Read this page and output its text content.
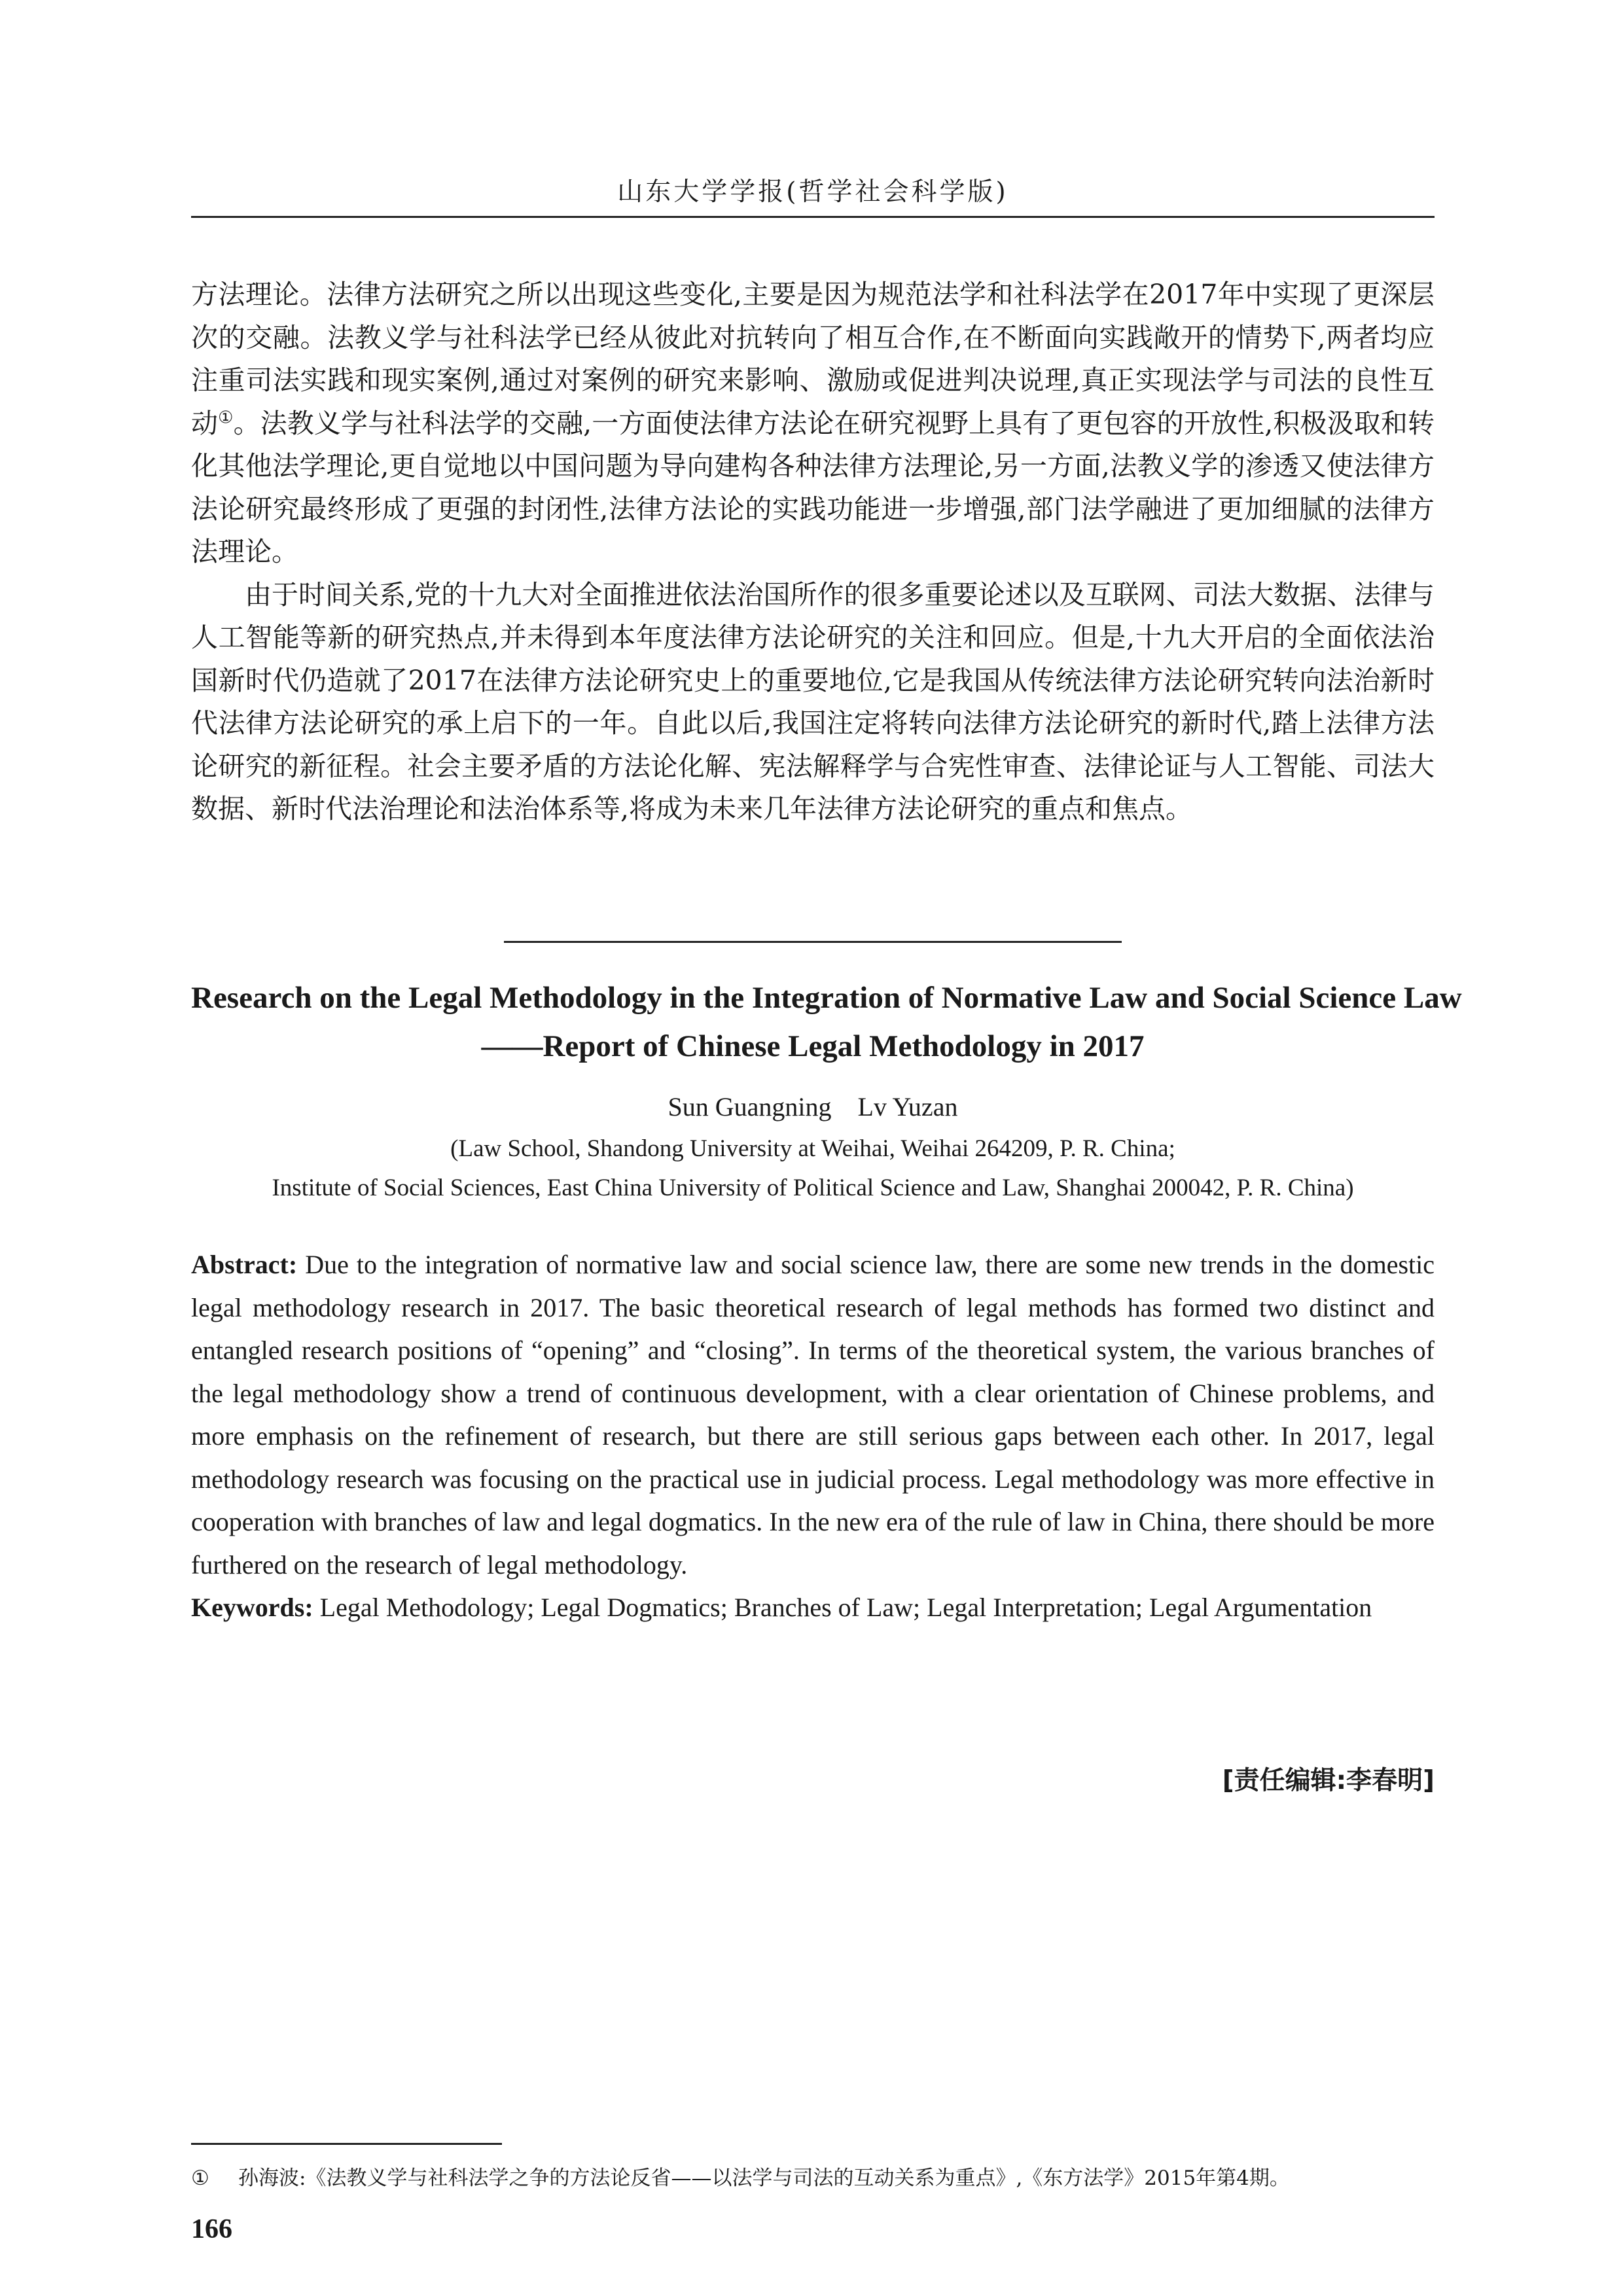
山东大学学报(哲学社会科学版)

方法理论。法律方法研究之所以出现这些变化,主要是因为规范法学和社科法学在2017年中实现了更深层次的交融。法教义学与社科法学已经从彼此对抗转向了相互合作,在不断面向实践敞开的情势下,两者均应注重司法实践和现实案例,通过对案例的研究来影响、激励或促进判决说理,真正实现法学与司法的良性互动①。法教义学与社科法学的交融,一方面使法律方法论在研究视野上具有了更包容的开放性,积极汲取和转化其他法学理论,更自觉地以中国问题为导向建构各种法律方法理论,另一方面,法教义学的渗透又使法律方法论研究最终形成了更强的封闭性,法律方法论的实践功能进一步增强,部门法学融进了更加细腻的法律方法理论。

由于时间关系,党的十九大对全面推进依法治国所作的很多重要论述以及互联网、司法大数据、法律与人工智能等新的研究热点,并未得到本年度法律方法论研究的关注和回应。但是,十九大开启的全面依法治国新时代仍造就了2017在法律方法论研究史上的重要地位,它是我国从传统法律方法论研究转向法治新时代法律方法论研究的承上启下的一年。自此以后,我国注定将转向法律方法论研究的新时代,踏上法律方法论研究的新征程。社会主要矛盾的方法论化解、宪法解释学与合宪性审查、法律论证与人工智能、司法大数据、新时代法治理论和法治体系等,将成为未来几年法律方法论研究的重点和焦点。

Research on the Legal Methodology in the Integration of Normative Law and Social Science Law
——Report of Chinese Legal Methodology in 2017
Sun Guangning    Lv Yuzan
(Law School, Shandong University at Weihai, Weihai 264209, P. R. China;
Institute of Social Sciences, East China University of Political Science and Law, Shanghai 200042, P. R. China)

Abstract: Due to the integration of normative law and social science law, there are some new trends in the domestic legal methodology research in 2017. The basic theoretical research of legal methods has formed two distinct and entangled research positions of “opening” and “closing”. In terms of the theoretical system, the various branches of the legal methodology show a trend of continuous development, with a clear orientation of Chinese problems, and more emphasis on the refinement of research, but there are still serious gaps between each other. In 2017, legal methodology research was focusing on the practical use in judicial process. Legal methodology was more effective in cooperation with branches of law and legal dogmatics. In the new era of the rule of law in China, there should be more furthered on the research of legal methodology.

Keywords: Legal Methodology; Legal Dogmatics; Branches of Law; Legal Interpretation; Legal Argumentation

[责任编辑:李春明]
① 孙海波:《法教义学与社科法学之争的方法论反省——以法学与司法的互动关系为重点》,《东方法学》2015年第4期。
166
